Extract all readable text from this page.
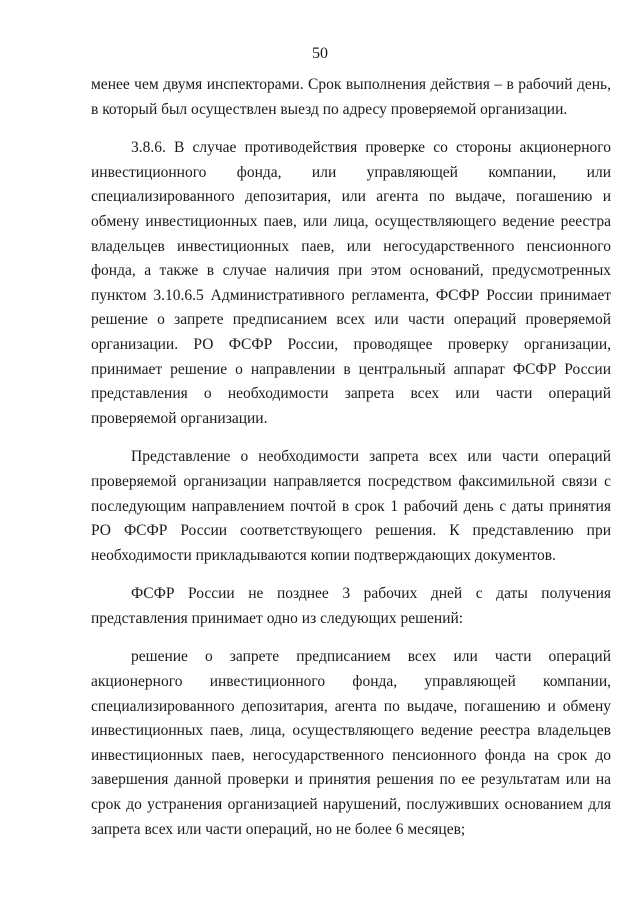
50

менее чем двумя инспекторами. Срок выполнения действия – в рабочий день, в который был осуществлен выезд по адресу проверяемой организации.

3.8.6. В случае противодействия проверке со стороны акционерного инвестиционного фонда, или управляющей компании, или специализированного депозитария, или агента по выдаче, погашению и обмену инвестиционных паев, или лица, осуществляющего ведение реестра владельцев инвестиционных паев, или негосударственного пенсионного фонда, а также в случае наличия при этом оснований, предусмотренных пунктом 3.10.6.5 Административного регламента, ФСФР России принимает решение о запрете предписанием всех или части операций проверяемой организации. РО ФСФР России, проводящее проверку организации, принимает решение о направлении в центральный аппарат ФСФР России представления о необходимости запрета всех или части операций проверяемой организации.

Представление о необходимости запрета всех или части операций проверяемой организации направляется посредством факсимильной связи с последующим направлением почтой в срок 1 рабочий день с даты принятия РО ФСФР России соответствующего решения. К представлению при необходимости прикладываются копии подтверждающих документов.

ФСФР России не позднее 3 рабочих дней с даты получения представления принимает одно из следующих решений:

решение о запрете предписанием всех или части операций акционерного инвестиционного фонда, управляющей компании, специализированного депозитария, агента по выдаче, погашению и обмену инвестиционных паев, лица, осуществляющего ведение реестра владельцев инвестиционных паев, негосударственного пенсионного фонда на срок до завершения данной проверки и принятия решения по ее результатам или на срок до устранения организацией нарушений, послуживших основанием для запрета всех или части операций, но не более 6 месяцев;
